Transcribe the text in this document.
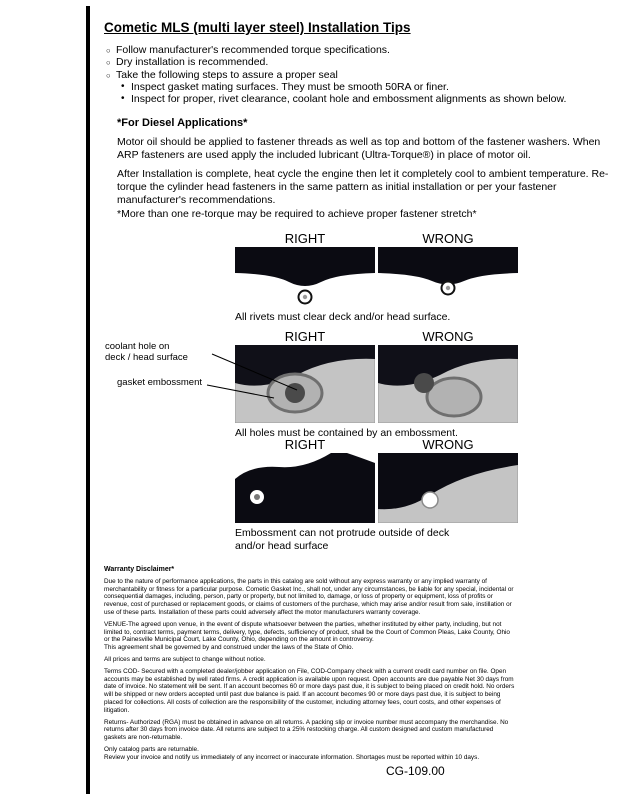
Cometic MLS (multi layer steel) Installation Tips
○ Follow manufacturer's recommended torque specifications.
○ Dry installation is recommended.
○ Take the following steps to assure a proper seal
• Inspect gasket mating surfaces. They must be smooth 50RA or finer.
• Inspect for proper, rivet clearance, coolant hole and embossment alignments as shown below.
*For Diesel Applications*
Motor oil should be applied to fastener threads as well as top and bottom of the fastener washers. When ARP fasteners are used apply the included lubricant (Ultra-Torque®) in place of motor oil.
After Installation is complete, heat cycle the engine then let it completely cool to ambient temperature. Re-torque the cylinder head fasteners in the same pattern as initial installation or per your fastener manufacturer's recommendations.
*More than one re-torque may be required to achieve proper fastener stretch*
RIGHT	WRONG
All rivets must clear deck and/or head surface.
RIGHT	WRONG
coolant hole on
deck / head surface
gasket embossment
All holes must be contained by an embossment.
RIGHT	WRONG
Embossment can not protrude outside of deck and/or head surface
Warranty Disclaimer*

Due to the nature of performance applications, the parts in this catalog are sold without any express warranty or any implied warranty of merchantability or fitness for a particular purpose. Cometic Gasket Inc., shall not, under any circumstances, be liable for any special, incidental or consequential damages, including, person, party or property, but not limited to, damage, or loss of property or equipment, loss of profits or revenue, cost of purchased or replacement goods, or claims of customers of the purchase, which may arise and/or result from sale, instillation or use of these parts. Installation of these parts could adversely affect the motor manufacturers warranty coverage.

VENUE-The agreed upon venue, in the event of dispute whatsoever between the parties, whether instituted by either party, including, but not limited to, contract terms, payment terms, delivery, type, defects, sufficiency of product, shall be the Court of Common Pleas, Lake County, Ohio or the Painesville Municipal Court, Lake County, Ohio, depending on the amount in controversy.

This agreement shall be governed by and construed under the laws of the State of Ohio.

All prices and terms are subject to change without notice.

Terms COD- Secured with a completed dealer/jobber application on File, COD-Company check with a current credit card number on file. Open accounts may be established by well rated firms. A credit application is available upon request. Open accounts are due payable Net 30 days from date of invoice. No statement will be sent. If an account becomes 60 or more days past due, it is subject to being placed on credit hold. No orders will be shipped or new orders accepted until past due balance is paid. If an account becomes 90 or more days past due, it is subject to being placed for collections. All costs of collection are the responsibility of the customer, including attorney fees, court costs, and other expenses of litigation.

Returns- Authorized (RGA) must be obtained in advance on all returns. A packing slip or invoice number must accompany the merchandise. No returns after 30 days from invoice date. All returns are subject to a 25% restocking charge. All custom designed and custom manufactured gaskets are non-returnable.

Only catalog parts are returnable.

Review your invoice and notify us immediately of any incorrect or inaccurate information. Shortages must be reported within 10 days.

CG-109.00
